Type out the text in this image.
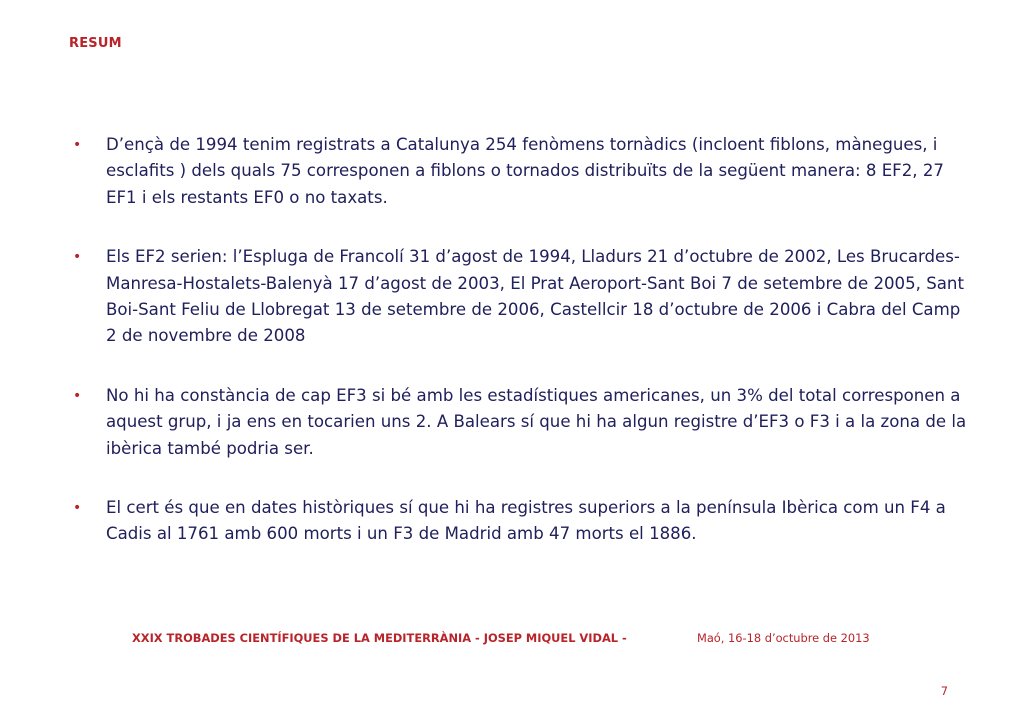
RESUM
• D’ençà de 1994 tenim registrats a Catalunya 254 fenòmens tornàdics (incloent fiblons, mànegues, i esclafits ) dels quals 75 corresponen a fiblons o tornados distribuïts de la següent manera: 8 EF2, 27 EF1 i els restants EF0 o no taxats.
• Els EF2 serien: l’Espluga de Francolí 31 d’agost de 1994, Lladurs 21 d’octubre de 2002, Les Brucardes-Manresa-Hostalets-Balenyà 17 d’agost de 2003, El Prat Aeroport-Sant Boi 7 de setembre de 2005, Sant Boi-Sant Feliu de Llobregat 13 de setembre de 2006, Castellcir 18 d’octubre de 2006 i Cabra del Camp 2 de novembre de 2008
• No hi ha constància de cap EF3 si bé amb les estadístiques americanes, un 3% del total corresponen a aquest grup, i ja ens en tocarien uns 2. A Balears sí que hi ha algun registre d’EF3 o F3 i a la zona de la ibèrica també podria ser.
• El cert és que en dates històriques sí que hi ha registres superiors a la península Ibèrica com un F4 a Cadis al 1761 amb 600 morts i un F3 de Madrid amb 47 morts el 1886.
XXIX TROBADES CIENTÍFIQUES DE LA MEDITERRÀNIA - JOSEP MIQUEL VIDAL -	Maó, 16-18 d’octubre de 2013
7
